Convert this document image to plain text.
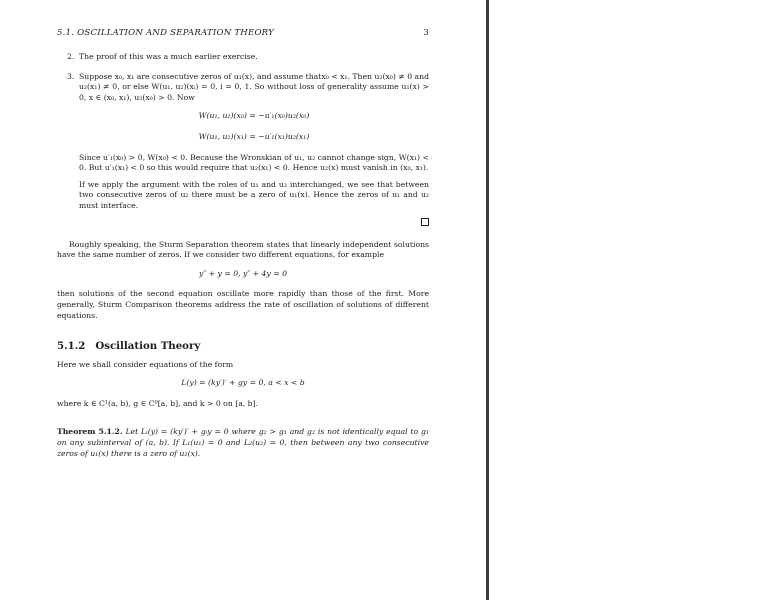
5.1. OSCILLATION AND SEPARATION THEORY	3
2. The proof of this was a much earlier exercise.

3. Suppose x₀, x₁ are consecutive zeros of u₁(x), and assume thatx₀ < x₁. Then u₂(x₀) ≠ 0 and u₂(x₁) ≠ 0, or else W(u₁, u₂)(xᵢ) = 0, i = 0, 1. So without loss of generality assume u₁(x) > 0, x ∈ (x₀, x₁), u₂(x₀) > 0. Now

W(u₁, u₂)(x₀) = −u′₁(x₀)u₂(x₀)
W(u₁, u₂)(x₁) = −u′₁(x₁)u₂(x₁)

Since u′₁(x₀) > 0, W(x₀) < 0. Because the Wronskian of u₁, u₂ cannot change sign, W(x₁) < 0. But u′₁(x₁) < 0 so this would require that u₂(x₁) < 0. Hence u₂(x) must vanish in (x₀, x₁).

If we apply the argument with the roles of u₁ and u₂ interchanged, we see that between two consecutive zeros of u₂ there must be a zero of u₁(x). Hence the zeros of u₁ and u₂ must interface.

Roughly speaking, the Sturm Separation theorem states that linearly independent solutions have the same number of zeros. If we consider two different equations, for example

y″ + y = 0, y″ + 4y = 0

then solutions of the second equation oscillate more rapidly than those of the first. More generally, Sturm Comparison theorems address the rate of oscillation of solutions of different equations.

5.1.2 Oscillation Theory

Here we shall consider equations of the form

L(y) = (ky′)′ + gy = 0, a < x < b

where k ∈ C¹(a, b), g ∈ C⁰[a, b], and k > 0 on [a, b].

Theorem 5.1.2. Let Lᵢ(y) = (ky′)′ + gᵢy = 0 where g₂ > g₁ and g₂ is not identically equal to g₁ on any subinterval of (a, b). If L₁(u₁) = 0 and L₂(u₂) = 0, then between any two consecutive zeros of u₁(x) there is a zero of u₂(x).
